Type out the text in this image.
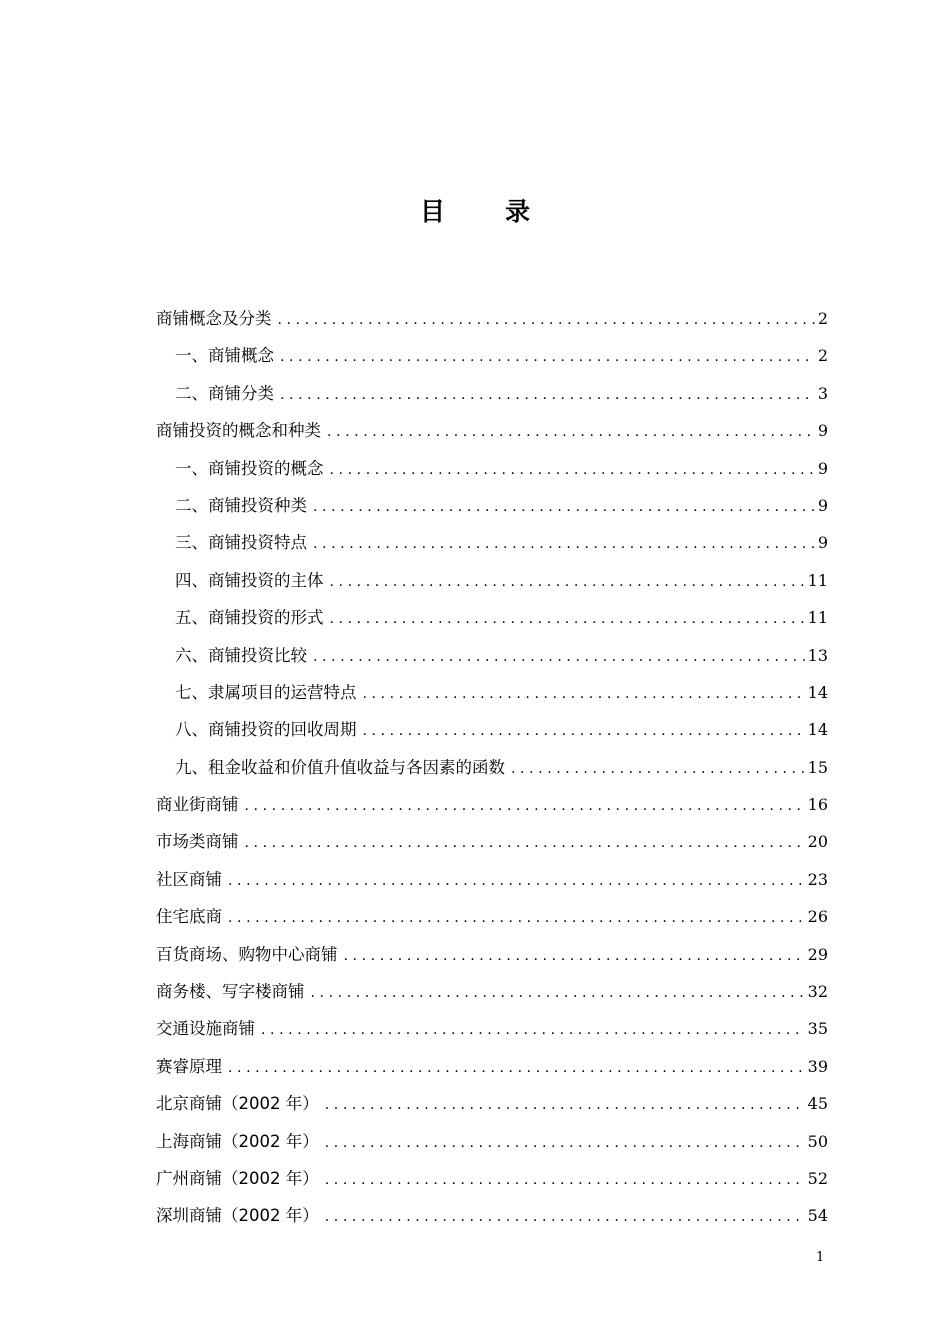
目录
商铺概念及分类 .....	2
一、商铺概念 .....	2
二、商铺分类 .....	3
商铺投资的概念和种类 .....	9
一、商铺投资的概念 .....	9
二、商铺投资种类 .....	9
三、商铺投资特点 .....	9
四、商铺投资的主体 .....	11
五、商铺投资的形式 .....	11
六、商铺投资比较 .....	13
七、隶属项目的运营特点 .....	14
八、商铺投资的回收周期 .....	14
九、租金收益和价值升值收益与各因素的函数 .....	15
商业街商铺 .....	16
市场类商铺 .....	20
社区商铺 .....	23
住宅底商 .....	26
百货商场、购物中心商铺 .....	29
商务楼、写字楼商铺 .....	32
交通设施商铺 .....	35
赛睿原理 .....	39
北京商铺（2002 年） .....	45
上海商铺（2002 年） .....	50
广州商铺（2002 年） .....	52
深圳商铺（2002 年） .....	54
1
